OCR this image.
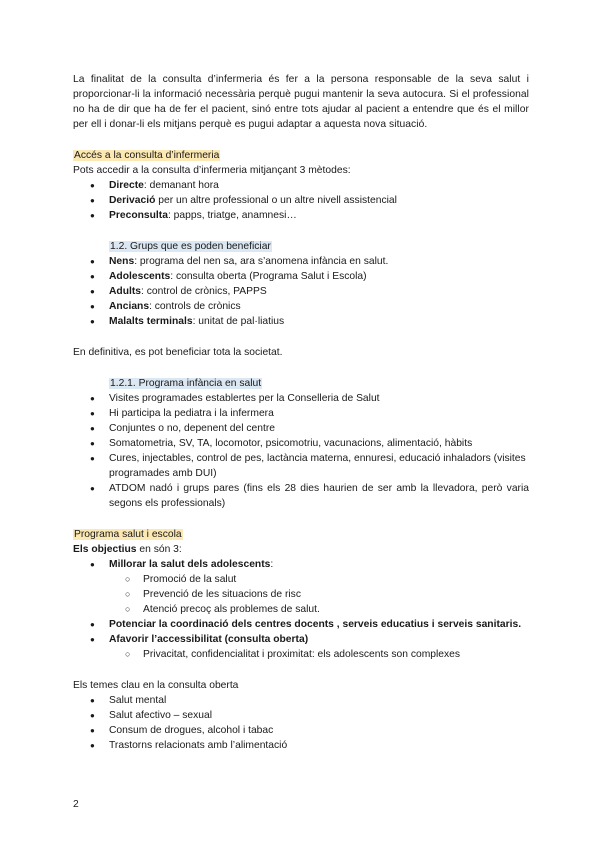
La finalitat de la consulta d’infermeria és fer a la persona responsable de la seva salut i proporcionar-li la informació necessària perquè pugui mantenir la seva autocura. Si el professional no ha de dir que ha de fer el pacient, sinó entre tots ajudar al pacient a entendre que és el millor per ell i donar-li els mitjans perquè es pugui adaptar a aquesta nova situació.

Accés a la consulta d’infermeria

Pots accedir a la consulta d’infermeria mitjançant 3 mètodes:

● Directe: demanant hora
● Derivació per un altre professional o un altre nivell assistencial
● Preconsulta: papps, triatge, anamnesi…

1.2. Grups que es poden beneficiar

● Nens: programa del nen sa, ara s’anomena infància en salut.
● Adolescents: consulta oberta (Programa Salut i Escola)
● Adults: control de crònics, PAPPS
● Ancians: controls de crònics
● Malalts terminals: unitat de pal·liatius

En definitiva, es pot beneficiar tota la societat.

1.2.1. Programa infància en salut

● Visites programades establertes per la Conselleria de Salut
● Hi participa la pediatra i la infermera
● Conjuntes o no, depenent del centre
● Somatometria, SV, TA, locomotor, psicomotriu, vacunacions, alimentació, hàbits
● Cures, injectables, control de pes, lactància materna, ennuresi, educació inhaladors (visites programades amb DUI)
● ATDOM nadó i grups pares (fins els 28 dies haurien de ser amb la llevadora, però varia segons els professionals)

Programa salut i escola

Els objectius en són 3:

● Millorar la salut dels adolescents:
○ Promoció de la salut
○ Prevenció de les situacions de risc
○ Atenció precoç als problemes de salut.
● Potenciar la coordinació dels centres docents , serveis educatius i serveis sanitaris.
● Afavorir l’accessibilitat (consulta oberta)
○ Privacitat, confidencialitat i proximitat: els adolescents son complexes

Els temes clau en la consulta oberta

● Salut mental
● Salut afectivo – sexual
● Consum de drogues, alcohol i tabac
● Trastorns relacionats amb l’alimentació
2
